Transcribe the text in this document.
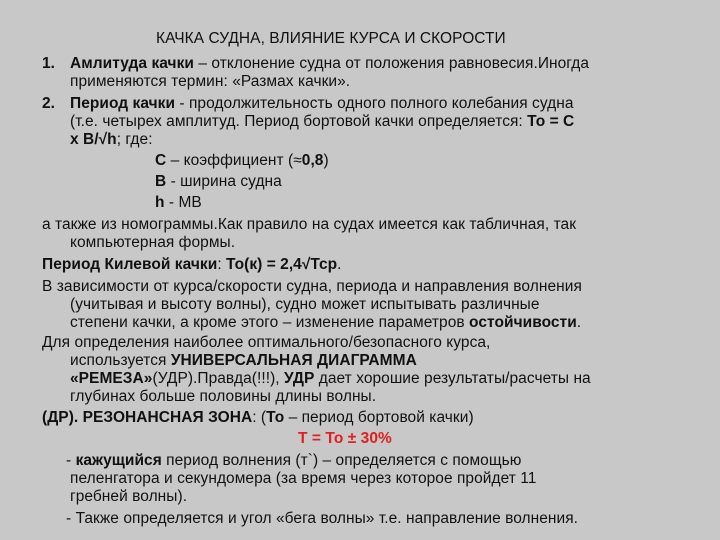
КАЧКА СУДНА, ВЛИЯНИЕ КУРСА И СКОРОСТИ
1. Амлитуда качки – отклонение судна от положения равновесия.Иногда
применяются термин: «Размах качки».
2. Период качки - продолжительность одного полного колебания судна
(т.е. четырех амплитуд. Период бортовой качки определяется: То = С
х В/√h; где:
С – коэффициент (≈0,8)
В - ширина судна
h - МВ
а также из номограммы.Как правило на судах имеется как табличная, так
компьютерная формы.
Период Килевой качки: То(к) = 2,4√Тср.
В зависимости от курса/скорости судна, периода и направления волнения
(учитывая и высоту волны), судно может испытывать различные
степени качки, а кроме этого – изменение параметров остойчивости.
Для определения наиболее оптимального/безопасного курса,
используется УНИВЕРСАЛЬНАЯ ДИАГРАММА
«РЕМЕЗА»(УДР).Правда(!!!), УДР дает хорошие результаты/расчеты на
глубинах больше половины длины волны.
(ДР). РЕЗОНАНСНАЯ ЗОНА: (То – период бортовой качки)
Т = То ± 30%
- кажущийся период волнения (т`) – определяется с помощью
пеленгатора и секундомера (за время через которое пройдет 11
гребней волны).
- Также определяется и угол «бега волны» т.е. направление волнения.
